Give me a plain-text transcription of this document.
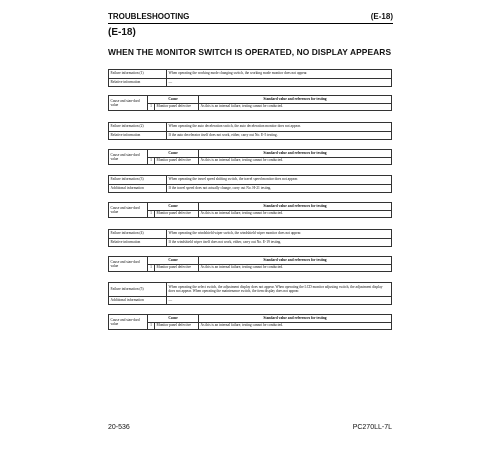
TROUBLESHOOTING	(E-18)
(E-18)
WHEN THE MONITOR SWITCH IS OPERATED, NO DISPLAY APPEARS
Failure information (1)	When operating the working mode changing switch, the working mode monitor does not appear.
Relative information	—
Cause and stan-dard value	Cause		Standard value and references for testing
	1	Monitor panel defective	As this is an internal failure, testing cannot be conducted.
Failure information (2)	When operating the auto deceleration switch, the auto deceleration monitor does not appear.
Relative information	If the auto decelerator itself does not work, either, carry out No. E-5 testing.
Cause and stan-dard value	Cause		Standard value and references for testing
	1	Monitor panel defective	As this is an internal failure, testing cannot be conducted.
Failure information (3)	When operating the travel speed shifting switch, the travel speed monitor does not appear.
Additional information	If the travel speed does not actually change, carry out No. H-21 testing.
Cause and stan-dard value	Cause		Standard value and references for testing
	1	Monitor panel defective	As this is an internal failure, testing cannot be conducted.
Failure information (4)	When operating the windshield wiper switch, the windshield wiper monitor does not appear.
Relative information	If the windshield wiper itself does not work, either, carry out No. E-19 testing.
Cause and stan-dard value	Cause		Standard value and references for testing
	1	Monitor panel defective	As this is an internal failure, testing cannot be conducted.
Failure information (5)	When operating the select switch, the adjustment display does not appear. When operating the LCD monitor adjusting switch, the adjustment display does not appear. When operating the maintenance switch, the item display does not appear.
Additional information	—
Cause and stan-dard value	Cause		Standard value and references for testing
	1	Monitor panel defective	As this is an internal failure, testing cannot be conducted.
20-536	PC270LL-7L
